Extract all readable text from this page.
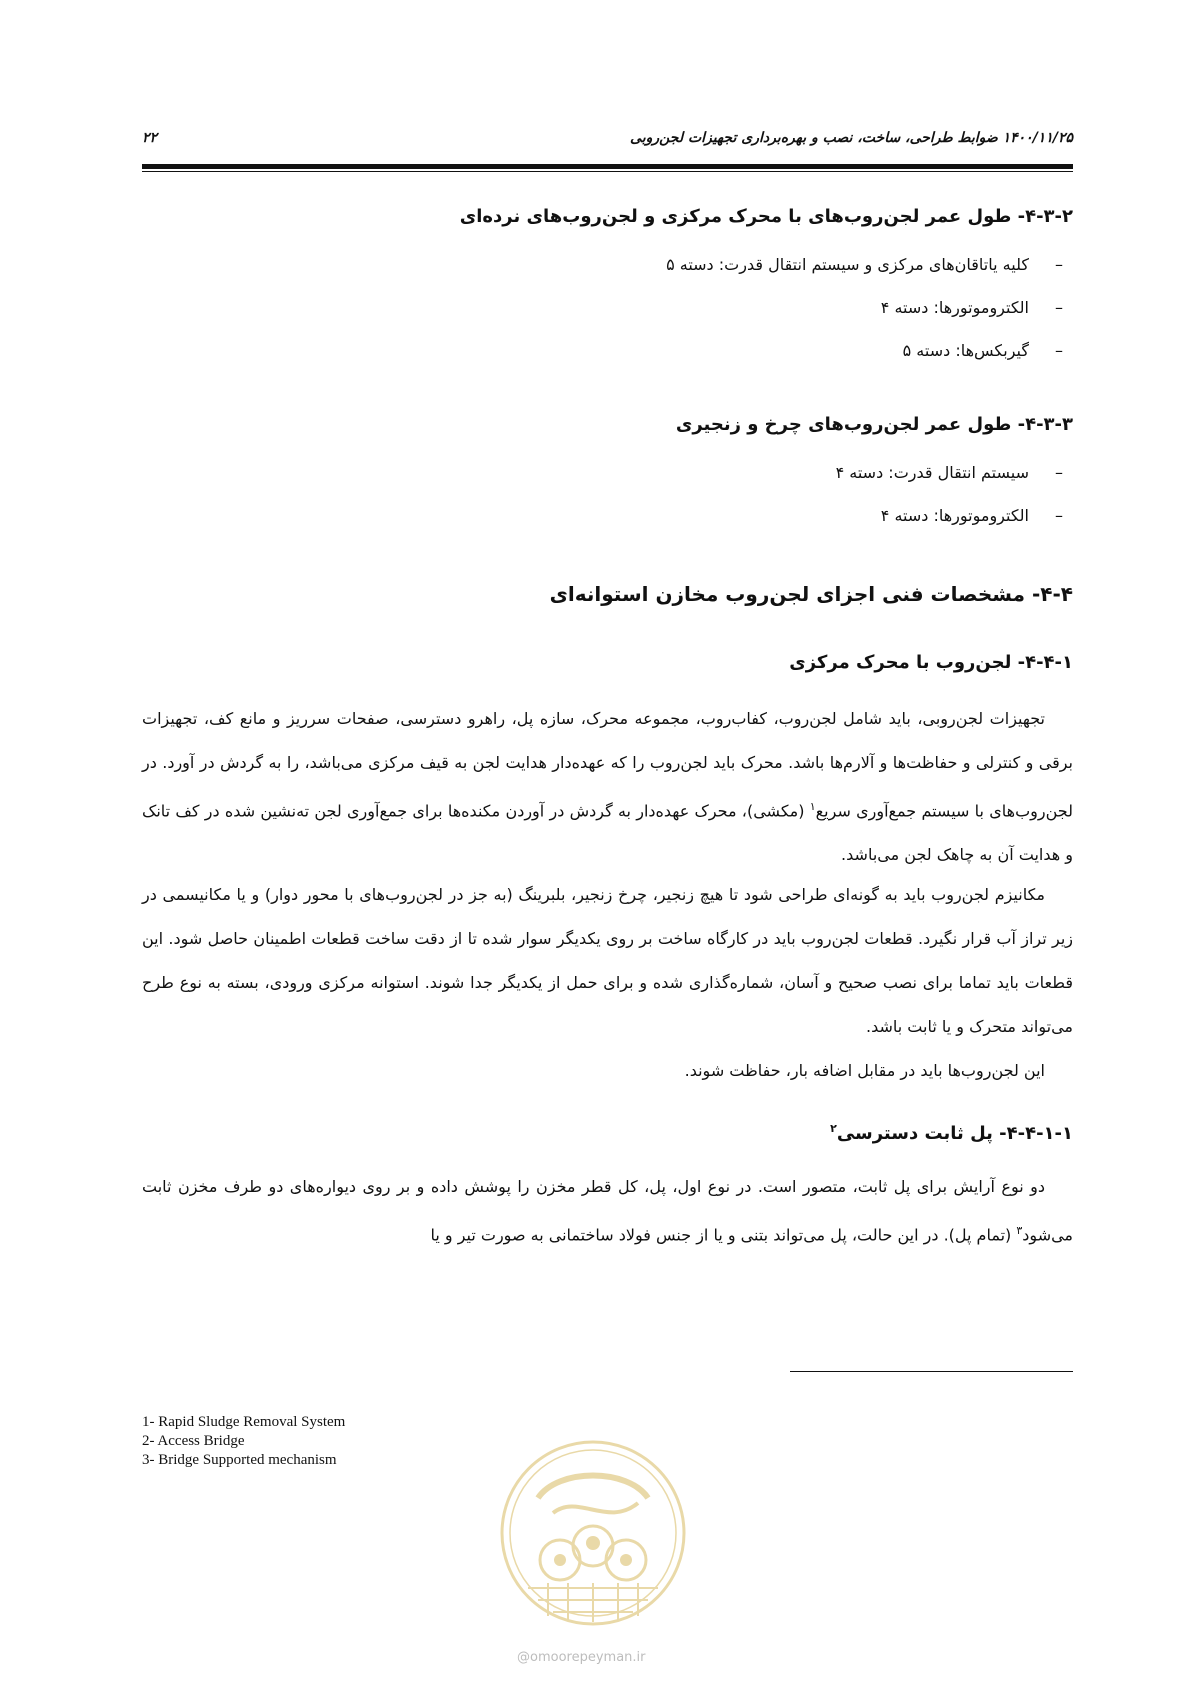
۲۲	۱۴۰۰/۱۱/۲۵ ضوابط طراحی، ساخت، نصب و بهره‌برداری تجهیزات لجن‌روبی
۴-۳-۲- طول عمر لجن‌روب‌های با محرک مرکزی و لجن‌روب‌های نرده‌ای
–کلیه یاتاقان‌های مرکزی و سیستم انتقال قدرت: دسته ۵
–الکتروموتورها: دسته ۴
–گیربکس‌ها: دسته ۵
۴-۳-۳- طول عمر لجن‌روب‌های چرخ و زنجیری
–سیستم انتقال قدرت: دسته ۴
–الکتروموتورها: دسته ۴
۴-۴- مشخصات فنی اجزای لجن‌روب مخازن استوانه‌ای
۴-۴-۱- لجن‌روب با محرک مرکزی
تجهیزات لجن‌روبی، باید شامل لجن‌روب، کفاب‌روب، مجموعه محرک، سازه پل، راهرو دسترسی، صفحات سرریز و مانع کف، تجهیزات برقی و کنترلی و حفاظت‌ها و آلارم‌ها باشد. محرک باید لجن‌روب را که عهده‌دار هدایت لجن به قیف مرکزی می‌باشد، را به گردش در آورد. در لجن‌روب‌های با سیستم جمع‌آوری سریع$^۱$ (مکشی)، محرک عهده‌دار به گردش در آوردن مکنده‌ها برای جمع‌آوری لجن ته‌نشین شده در کف تانک و هدایت آن به چاهک لجن می‌باشد.
مکانیزم لجن‌روب باید به گونه‌ای طراحی شود تا هیچ زنجیر، چرخ زنجیر، بلبرینگ (به جز در لجن‌روب‌های با محور دوار) و یا مکانیسمی در زیر تراز آب قرار نگیرد. قطعات لجن‌روب باید در کارگاه ساخت بر روی یکدیگر سوار شده تا از دقت ساخت قطعات اطمینان حاصل شود. این قطعات باید تماما برای نصب صحیح و آسان، شماره‌گذاری شده و برای حمل از یکدیگر جدا شوند. استوانه مرکزی ورودی، بسته به نوع طرح می‌تواند متحرک و یا ثابت باشد.
این لجن‌روب‌ها باید در مقابل اضافه بار، حفاظت شوند.
۴-۴-۱-۱- پل ثابت دسترسی$^۲$
دو نوع آرایش برای پل ثابت، متصور است. در نوع اول، پل، کل قطر مخزن را پوشش داده و بر روی دیواره‌های دو طرف مخزن ثابت می‌شود$^۳$ (تمام پل). در این حالت، پل می‌تواند بتنی و یا از جنس فولاد ساختمانی به صورت تیر و یا
1- Rapid Sludge Removal System
2- Access Bridge
3- Bridge Supported mechanism
@omoorepeyman.ir
